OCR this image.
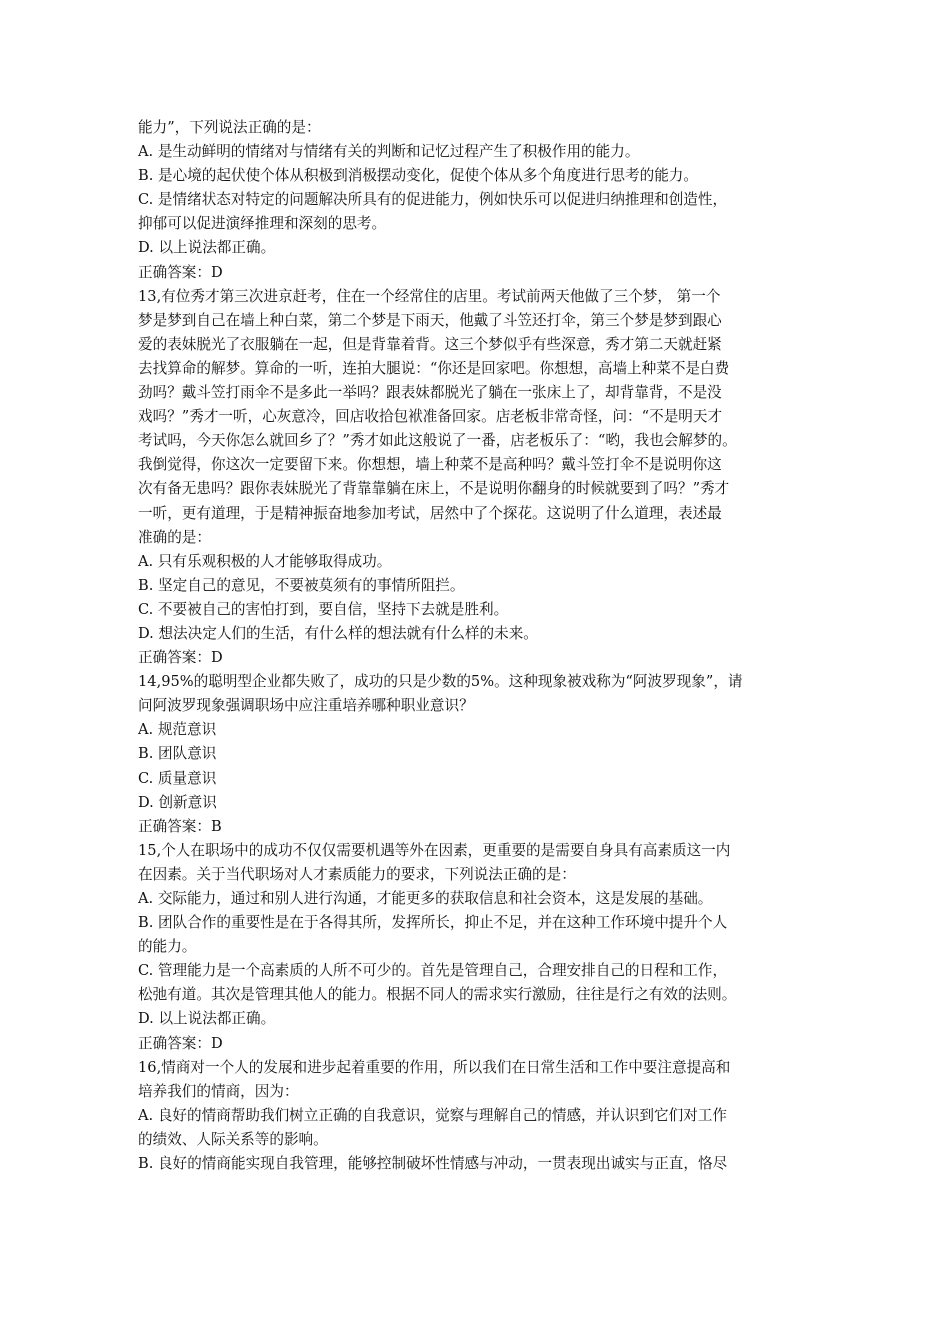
能力”，下列说法正确的是：
A. 是生动鲜明的情绪对与情绪有关的判断和记忆过程产生了积极作用的能力。
B. 是心境的起伏使个体从积极到消极摆动变化，促使个体从多个角度进行思考的能力。
C. 是情绪状态对特定的问题解决所具有的促进能力，例如快乐可以促进归纳推理和创造性，
抑郁可以促进演绎推理和深刻的思考。
D. 以上说法都正确。
正确答案：D
13,有位秀才第三次进京赶考，住在一个经常住的店里。考试前两天他做了三个梦， 第一个
梦是梦到自己在墙上种白菜，第二个梦是下雨天，他戴了斗笠还打伞，第三个梦是梦到跟心
爱的表妹脱光了衣服躺在一起，但是背靠着背。这三个梦似乎有些深意，秀才第二天就赶紧
去找算命的解梦。算命的一听，连拍大腿说：“你还是回家吧。你想想，高墙上种菜不是白费
劲吗？戴斗笠打雨伞不是多此一举吗？跟表妹都脱光了躺在一张床上了，却背靠背，不是没
戏吗？”秀才一听，心灰意冷，回店收拾包袱准备回家。店老板非常奇怪，问：“不是明天才
考试吗，今天你怎么就回乡了？”秀才如此这般说了一番，店老板乐了：“哟，我也会解梦的。
我倒觉得，你这次一定要留下来。你想想，墙上种菜不是高种吗？戴斗笠打伞不是说明你这
次有备无患吗？跟你表妹脱光了背靠靠躺在床上，不是说明你翻身的时候就要到了吗？”秀才
一听，更有道理，于是精神振奋地参加考试，居然中了个探花。这说明了什么道理，表述最
准确的是：
A. 只有乐观积极的人才能够取得成功。
B. 坚定自己的意见，不要被莫须有的事情所阻拦。
C. 不要被自己的害怕打到，要自信，坚持下去就是胜利。
D. 想法决定人们的生活，有什么样的想法就有什么样的未来。
正确答案：D
14,95%的聪明型企业都失败了，成功的只是少数的5%。这种现象被戏称为“阿波罗现象”，请
问阿波罗现象强调职场中应注重培养哪种职业意识？
A. 规范意识
B. 团队意识
C. 质量意识
D. 创新意识
正确答案：B
15,个人在职场中的成功不仅仅需要机遇等外在因素，更重要的是需要自身具有高素质这一内
在因素。关于当代职场对人才素质能力的要求，下列说法正确的是：
A. 交际能力，通过和别人进行沟通，才能更多的获取信息和社会资本，这是发展的基础。
B. 团队合作的重要性是在于各得其所，发挥所长，抑止不足，并在这种工作环境中提升个人
的能力。
C. 管理能力是一个高素质的人所不可少的。首先是管理自己，合理安排自己的日程和工作，
松弛有道。其次是管理其他人的能力。根据不同人的需求实行激励，往往是行之有效的法则。
D. 以上说法都正确。
正确答案：D
16,情商对一个人的发展和进步起着重要的作用，所以我们在日常生活和工作中要注意提高和
培养我们的情商，因为：
A. 良好的情商帮助我们树立正确的自我意识，觉察与理解自己的情感，并认识到它们对工作
的绩效、人际关系等的影响。
B. 良好的情商能实现自我管理，能够控制破坏性情感与冲动，一贯表现出诚实与正直，恪尽
